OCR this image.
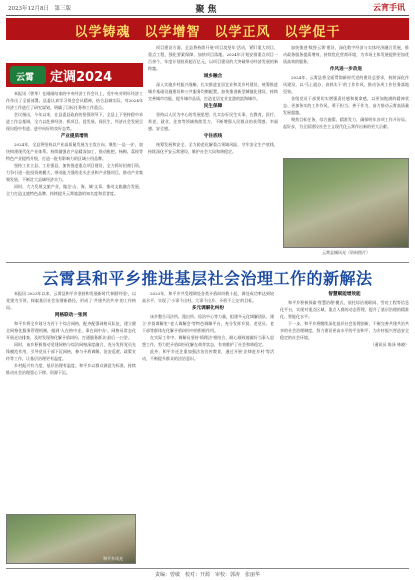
2023年12月8日　第三版	聚焦	云宵手讯
以学铸魂　以学增智　以学正风　以学促干
云霄	定调2024

本报讯（曾华）在刚刚结束的中央经济工作会议上，党中央对明年经济工作作出了全面部署。县委认真学习领会会议精神，结合县域实际，对2024年经济工作进行了研究谋划，明确了目标任务和工作重点。

会议指出，今年以来，在县委县政府的坚强领导下，全县上下坚持稳中求进工作总基调，全力以赴拼经济、抓项目、促发展、保民生，经济社会发展呈现出稳中有进、进中向好的良好态势。

产业提质增效

2024年，全县将坚持以产业高质量发展为主攻方向，聚焦'一县一业'，加快构建现代化产业体系。持续做强农产品精深加工，推动枇杷、杨梅、荔枝等特色产业提档升级，打造一批有影响力的区域公用品牌。

坚持工业立县、工业强县，加快推进重点项目建设，全力抓好招商引资，力争引进一批投资规模大、带动能力强的龙头企业和产业链项目，推动产业集聚发展，不断壮大县域经济实力。

同时，大力发展文旅产业，做足'山、海、城'文章，推动文旅融合发展，全力打造文旅特色品牌，持续提升云霄旅游的知名度和美誉度。

项目建设方面，全县将持续开展'项目攻坚年'活动，紧盯重大项目、重点工程，强化要素保障，加快项目落地。2024年计划安排重点项目一百余个，年度计划投资超百亿元，以项目建设的大突破带动经济发展的新跨越。

城乡融合

深入实施乡村振兴战略，扎实推进宜居宜业和美乡村建设，统筹推进城乡基础设施建设和公共服务均衡配置。加快推进新型城镇化建设，持续完善城市功能，提升城市品质，打造宜居宜业宜游的滨海城市。

民生保障

坚持以人民为中心的发展思想，扎实办好民生实事，在教育、医疗、养老、就业、住房等领域持续发力，不断增强人民群众的获得感、幸福感、安全感。

守住底线

统筹发展和安全，全力防范化解重点领域风险，守牢安全生产底线，持续深化平安云霄建设，维护社会大局和谐稳定。

加快推进'数智云霄'建设，深化数字经济与实体经济融合发展，推动政务服务提质增效，持续优化营商环境，为市场主体发展提供更加优质高效的服务。

作风进一步改进

2024年，云霄县将全面贯彻新时代党的建设总要求，持续深化作风建设，以'马上就办、真抓实干'的工作作风，推动各项工作任务落地见效。

各级党员干部要切实增强责任感和使命感，以更加饱满的精神状态、更加务实的工作作风，勇于担当、善于作为，奋力推动云霄高质量发展超越。

聚焦目标任务，综合施策、精准发力，确保明年各项工作开好局、起好步，为全面建设社会主义现代化云霄作出新的更大贡献。

云霄县城风光（资料图片）
云霄县和平乡推进基层社会治理工作的新解法

本报讯 2023年以来，云霄县和平乡坚持和发展新时代'枫桥经验'，以党建为引领，探索基层社会治理新路径，形成了'共建共治共享'的工作格局。

网格联动一张网

和平乡将全乡划分为若干个综合网格，配齐配强网格员队伍，建立健全网格化服务管理机制，做到'人在格中走、事在网中办'。网格员常态化开展走访排查，及时发现和化解矛盾纠纷，打通服务群众'最后一公里'。

同时，该乡积极推动党建网格与综治网格深度融合，充分发挥党员先锋模范作用，引导党员干部下沉网格，参与矛盾调解、治安巡逻、政策宣传等工作，让基层治理更有温度。

乡村振兴有力度，基层治理有温度。和平乡以群众满意为标准，持续推动社会治理重心下移、资源下沉。

和平乡风光

2023年，和平乡共受理调处各类矛盾纠纷数十起，调处成功率达到较高水平，实现了'小事不出村、大事不出乡、矛盾不上交'的目标。

多元调解化纠纷

该乡整合司法所、派出所、综治中心等力量，组建多元化调解团队，建立'乡贤调解室''老人调解会'等特色调解平台，充分发挥乡贤、老党员、老干部等群体在化解矛盾纠纷中的积极作用。

在实际工作中，调解员坚持'情理法'相结合，耐心细致地做好当事人思想工作，努力把矛盾纠纷化解在萌芽状态，有效维护了社会和谐稳定。

此外，和平乡还注重加强法治宣传教育，通过开展'法律进乡村'等活动，不断提升群众的法治意识。

智慧赋能增效能

和平乡积极探索'智慧治理'模式，依托综治视联网、雪亮工程等信息化平台，实现对重点区域、重点人群的动态管理，提升了基层治理的精准化、智能化水平。

下一步，和平乡将继续深化基层社会治理创新，不断完善共建共治共享的社会治理制度，努力建设更高水平的平安和平，为乡村振兴营造安全稳定的社会环境。

（通讯员 陈泽 林晓）

责编：曾敏　校对：开源　审校：郭涛　张丽华
